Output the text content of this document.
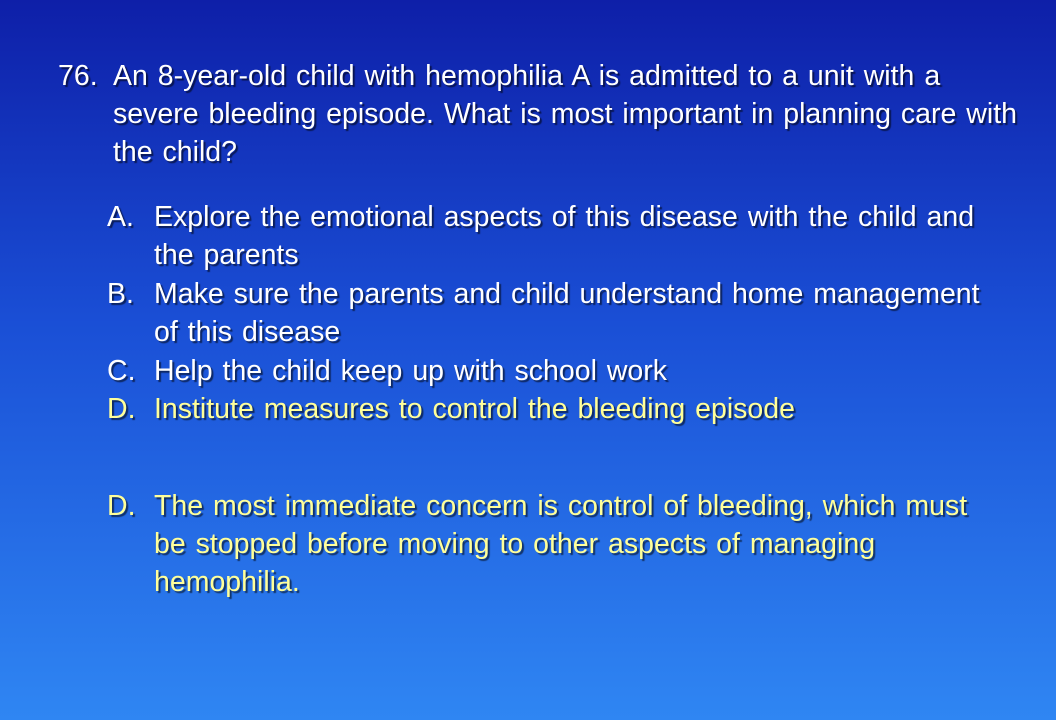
76. An 8-year-old child with hemophilia A is admitted to a unit with a severe bleeding episode. What is most important in planning care with the child?
A. Explore the emotional aspects of this disease with the child and the parents
B. Make sure the parents and child understand home management of this disease
C. Help the child keep up with school work
D. Institute measures to control the bleeding episode
D. The most immediate concern is control of bleeding, which must be stopped before moving to other aspects of managing hemophilia.
